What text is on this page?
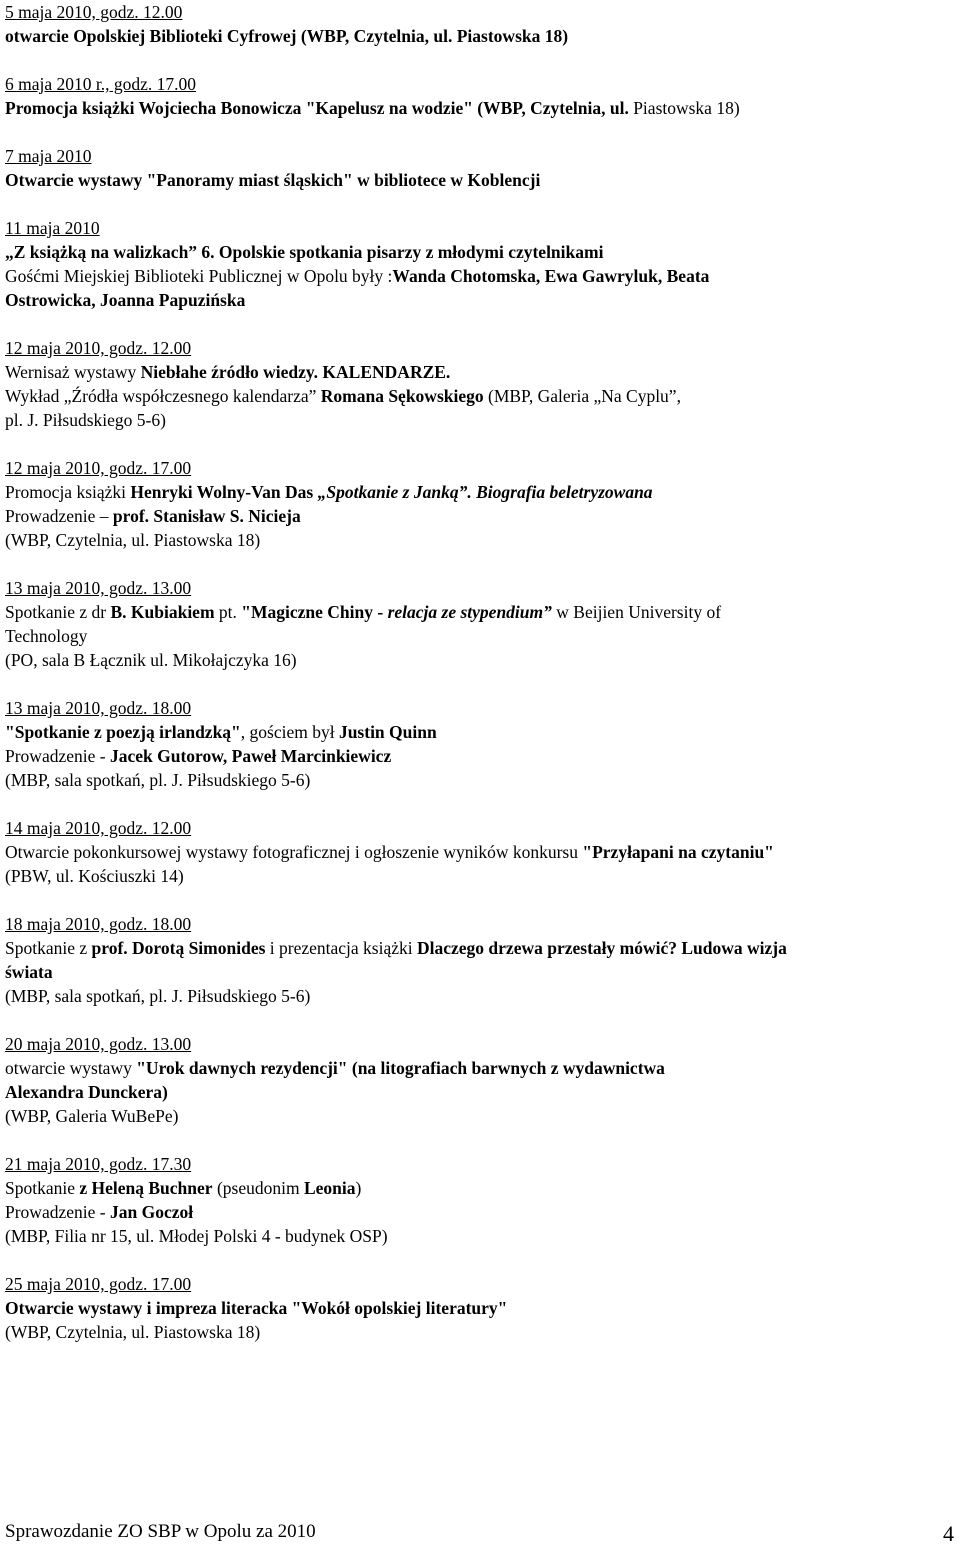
5 maja 2010, godz. 12.00
otwarcie Opolskiej Biblioteki Cyfrowej (WBP, Czytelnia, ul. Piastowska 18)
6 maja 2010 r., godz. 17.00
Promocja książki Wojciecha Bonowicza "Kapelusz na wodzie" (WBP, Czytelnia, ul. Piastowska 18)
7 maja 2010
Otwarcie wystawy "Panoramy miast śląskich" w bibliotece w Koblencji
11 maja 2010
„Z książką na walizkach” 6. Opolskie spotkania pisarzy z młodymi czytelnikami
Gośćmi Miejskiej Biblioteki Publicznej w Opolu były :Wanda Chotomska, Ewa Gawryluk, Beata
Ostrowicka, Joanna Papuzińska
12 maja 2010, godz. 12.00
Wernisaż wystawy Niebłahe źródło wiedzy. KALENDARZE.
Wykład „Źródła współczesnego kalendarza” Romana Sękowskiego (MBP, Galeria „Na Cyplu”,
pl. J. Piłsudskiego 5-6)
12 maja 2010, godz. 17.00
Promocja książki Henryki Wolny-Van Das „Spotkanie z Janką”. Biografia beletryzowana
Prowadzenie – prof. Stanisław S. Nicieja
(WBP, Czytelnia, ul. Piastowska 18)
13 maja 2010, godz. 13.00
Spotkanie z dr B. Kubiakiem pt. "Magiczne Chiny - relacja ze stypendium” w Beijien University of
Technology
(PO, sala B Łącznik ul. Mikołajczyka 16)
13 maja 2010, godz. 18.00
"Spotkanie z poezją irlandzką", gościem był Justin Quinn
Prowadzenie - Jacek Gutorow, Paweł Marcinkiewicz
(MBP, sala spotkań, pl. J. Piłsudskiego 5-6)
14 maja 2010, godz. 12.00
Otwarcie pokonkursowej wystawy fotograficznej i ogłoszenie wyników konkursu "Przyłapani na czytaniu"
(PBW, ul. Kościuszki 14)
18 maja 2010, godz. 18.00
Spotkanie z prof. Dorotą Simonides i prezentacja książki Dlaczego drzewa przestały mówić? Ludowa wizja
świata
(MBP, sala spotkań, pl. J. Piłsudskiego 5-6)
20 maja 2010, godz. 13.00
otwarcie wystawy "Urok dawnych rezydencji" (na litografiach barwnych z wydawnictwa
Alexandra Dunckera)
(WBP, Galeria WuBePe)
21 maja 2010, godz. 17.30
Spotkanie z Heleną Buchner (pseudonim Leonia)
Prowadzenie - Jan Goczoł
(MBP, Filia nr 15, ul. Młodej Polski 4 - budynek OSP)
25 maja 2010, godz. 17.00
Otwarcie wystawy i impreza literacka "Wokół opolskiej literatury"
(WBP, Czytelnia, ul. Piastowska 18)
Sprawozdanie ZO SBP w Opolu za 2010	4
